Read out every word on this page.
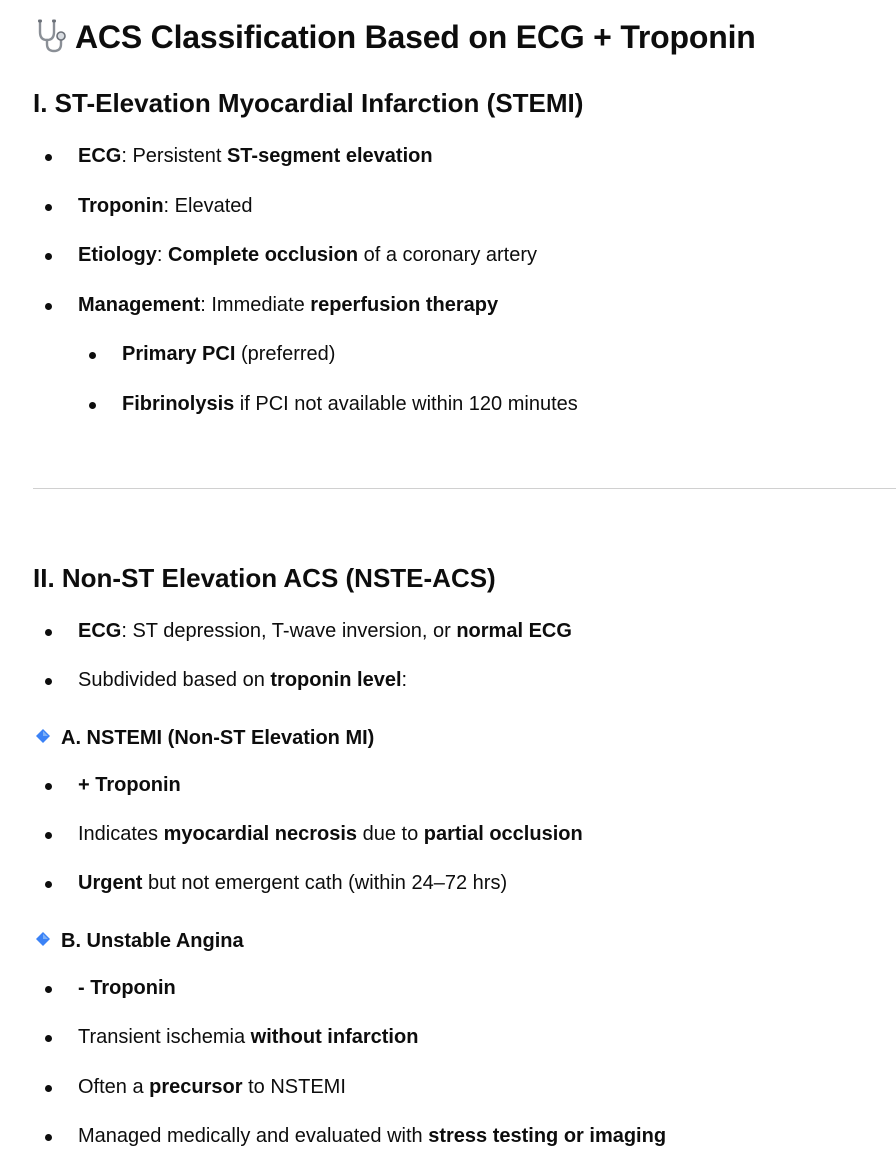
ACS Classification Based on ECG + Troponin
I. ST-Elevation Myocardial Infarction (STEMI)
ECG: Persistent ST-segment elevation
Troponin: Elevated
Etiology: Complete occlusion of a coronary artery
Management: Immediate reperfusion therapy
Primary PCI (preferred)
Fibrinolysis if PCI not available within 120 minutes
II. Non-ST Elevation ACS (NSTE-ACS)
ECG: ST depression, T-wave inversion, or normal ECG
Subdivided based on troponin level:
A. NSTEMI (Non-ST Elevation MI)
+ Troponin
Indicates myocardial necrosis due to partial occlusion
Urgent but not emergent cath (within 24–72 hrs)
B. Unstable Angina
- Troponin
Transient ischemia without infarction
Often a precursor to NSTEMI
Managed medically and evaluated with stress testing or imaging
